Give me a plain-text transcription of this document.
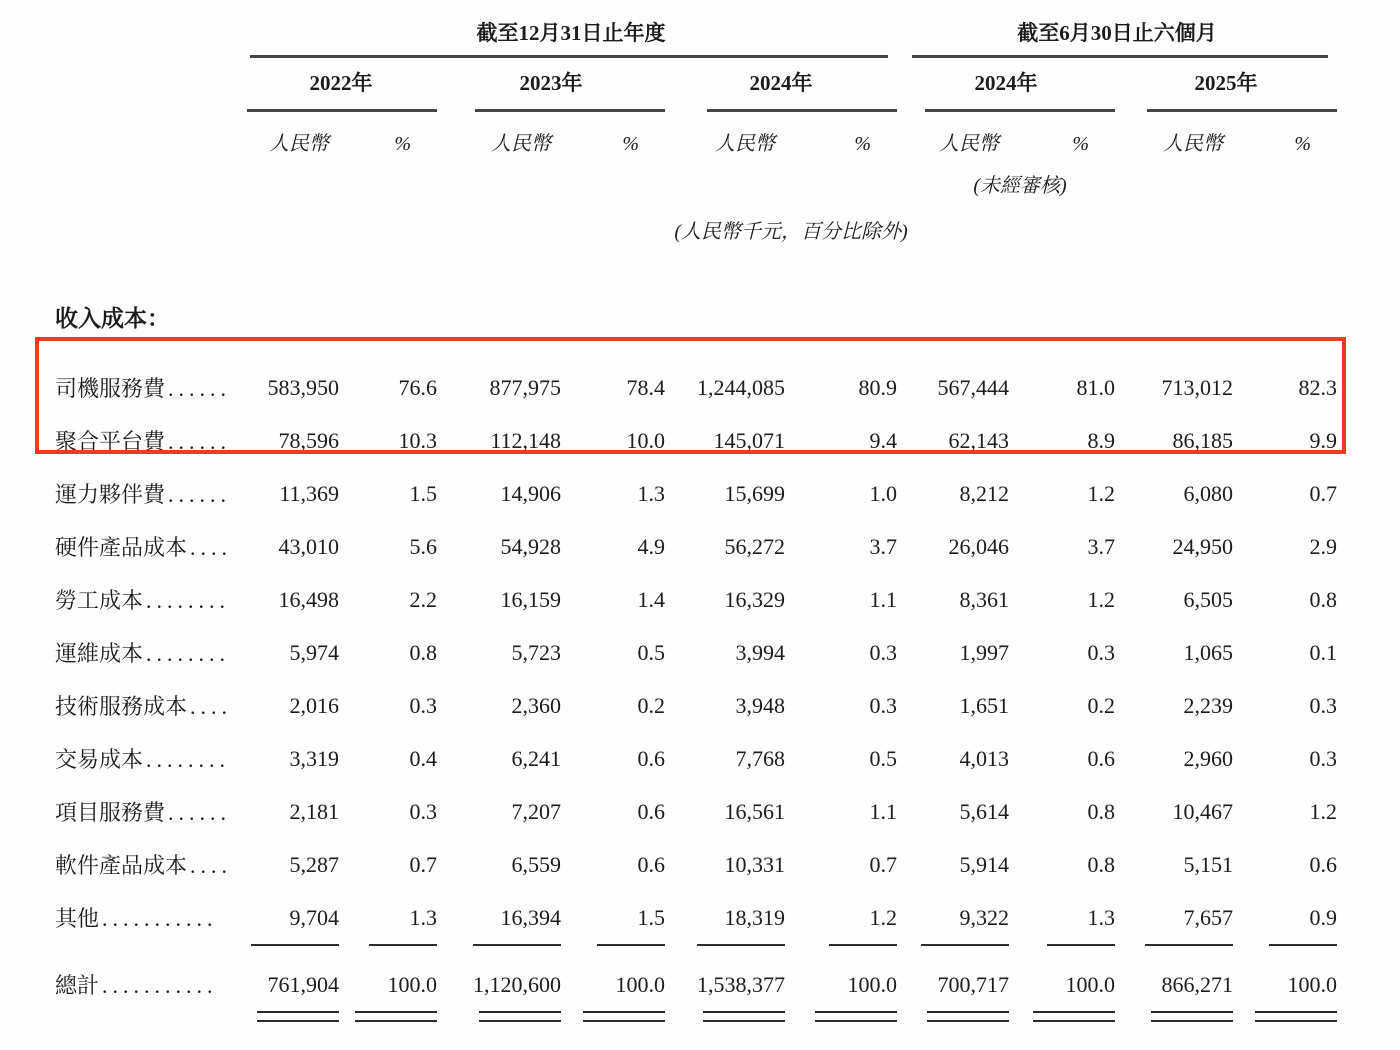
截至12月31日止年度	截至6月30日止六個月
2022年	2023年	2024年	2024年	2025年
人民幣	%	人民幣	%	人民幣	%	人民幣	%	人民幣	%
(未經審核)
(人民幣千元，百分比除外)
收入成本：
司機服務費 ......	583,950	76.6	877,975	78.4	1,244,085	80.9	567,444	81.0	713,012	82.3
聚合平台費 ......	78,596	10.3	112,148	10.0	145,071	9.4	62,143	8.9	86,185	9.9
運力夥伴費 ......	11,369	1.5	14,906	1.3	15,699	1.0	8,212	1.2	6,080	0.7
硬件產品成本 ....	43,010	5.6	54,928	4.9	56,272	3.7	26,046	3.7	24,950	2.9
勞工成本 ........	16,498	2.2	16,159	1.4	16,329	1.1	8,361	1.2	6,505	0.8
運維成本 ........	5,974	0.8	5,723	0.5	3,994	0.3	1,997	0.3	1,065	0.1
技術服務成本 ....	2,016	0.3	2,360	0.2	3,948	0.3	1,651	0.2	2,239	0.3
交易成本 ........	3,319	0.4	6,241	0.6	7,768	0.5	4,013	0.6	2,960	0.3
項目服務費 ......	2,181	0.3	7,207	0.6	16,561	1.1	5,614	0.8	10,467	1.2
軟件產品成本 ....	5,287	0.7	6,559	0.6	10,331	0.7	5,914	0.8	5,151	0.6
其他 ...........	9,704	1.3	16,394	1.5	18,319	1.2	9,322	1.3	7,657	0.9
總計 ...........	761,904	100.0	1,120,600	100.0	1,538,377	100.0	700,717	100.0	866,271	100.0
